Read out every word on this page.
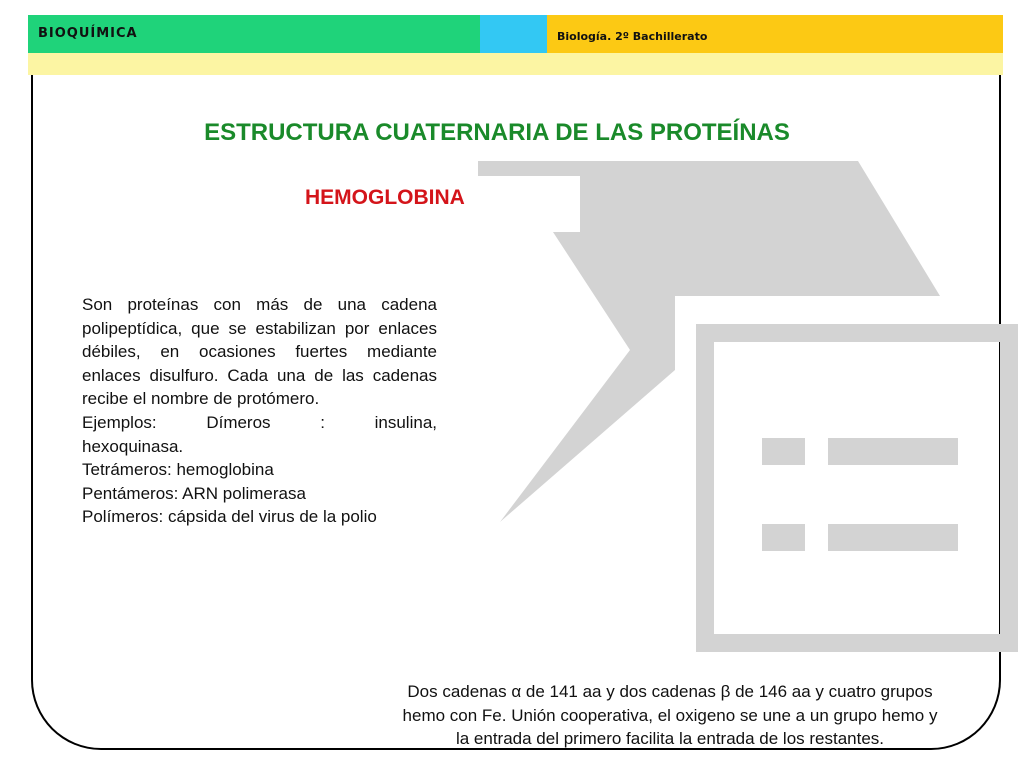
BIOQUÍMICA	Biología. 2º Bachillerato
ESTRUCTURA CUATERNARIA DE LAS PROTEÍNAS
HEMOGLOBINA
Son proteínas con más de una cadena polipeptídica, que se estabilizan por enlaces débiles, en ocasiones fuertes mediante enlaces disulfuro. Cada una de las cadenas recibe el nombre de protómero.
Ejemplos:	Dímeros	:	insulina,
hexoquinasa.
Tetrámeros: hemoglobina
Pentámeros: ARN polimerasa
Polímeros: cápsida del virus de la polio
Dos cadenas α de 141 aa y dos cadenas β de 146 aa y cuatro grupos
hemo con Fe. Unión cooperativa, el oxigeno se une a un grupo hemo y
la entrada del primero facilita la entrada de los restantes.
